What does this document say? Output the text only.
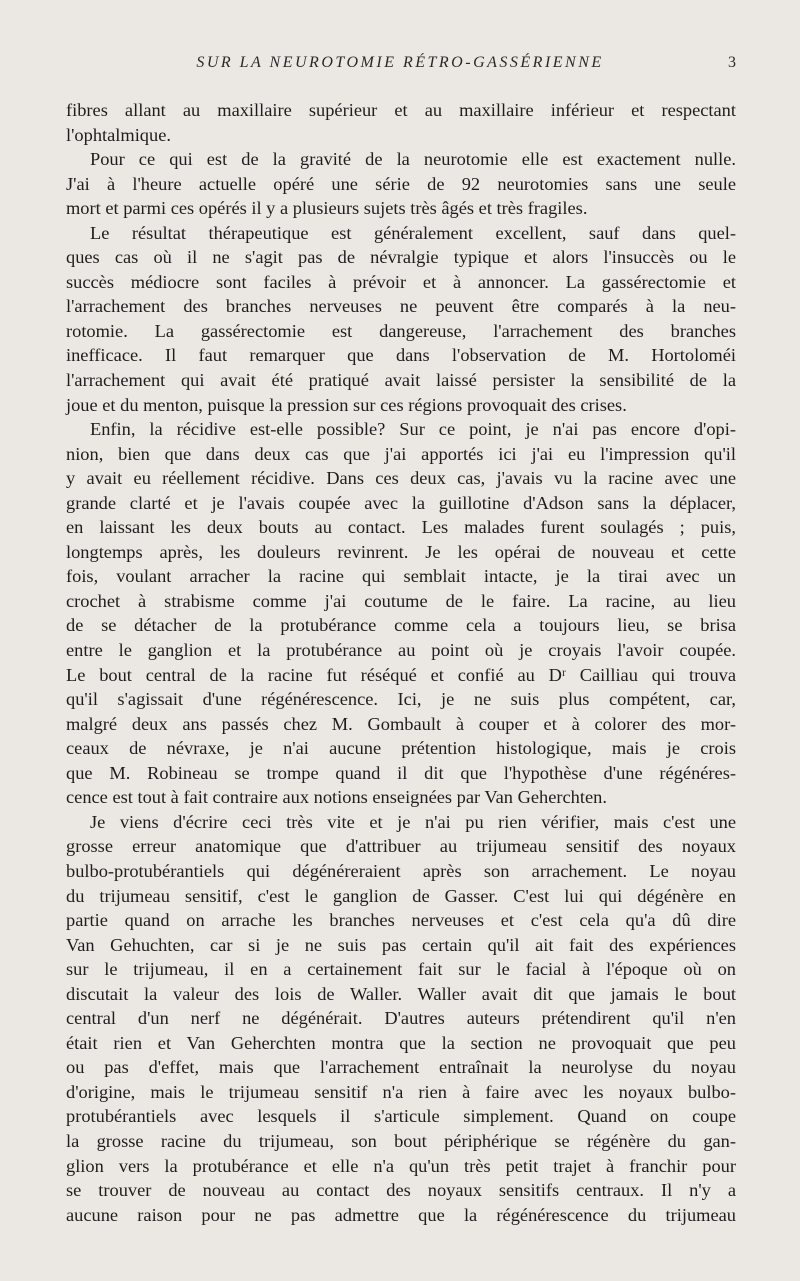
SUR LA NEUROTOMIE RÉTRO-GASSÉRIENNE	3
fibres allant au maxillaire supérieur et au maxillaire inférieur et respectant
l'ophtalmique.
Pour ce qui est de la gravité de la neurotomie elle est exactement nulle.
J'ai à l'heure actuelle opéré une série de 92 neurotomies sans une seule
mort et parmi ces opérés il y a plusieurs sujets très âgés et très fragiles.
Le résultat thérapeutique est généralement excellent, sauf dans quel-
ques cas où il ne s'agit pas de névralgie typique et alors l'insuccès ou le
succès médiocre sont faciles à prévoir et à annoncer. La gassérectomie et
l'arrachement des branches nerveuses ne peuvent être comparés à la neu-
rotomie. La gassérectomie est dangereuse, l'arrachement des branches
inefficace. Il faut remarquer que dans l'observation de M. Hortoloméi
l'arrachement qui avait été pratiqué avait laissé persister la sensibilité de la
joue et du menton, puisque la pression sur ces régions provoquait des crises.
Enfin, la récidive est-elle possible? Sur ce point, je n'ai pas encore d'opi-
nion, bien que dans deux cas que j'ai apportés ici j'ai eu l'impression qu'il
y avait eu réellement récidive. Dans ces deux cas, j'avais vu la racine avec une
grande clarté et je l'avais coupée avec la guillotine d'Adson sans la déplacer,
en laissant les deux bouts au contact. Les malades furent soulagés ; puis,
longtemps après, les douleurs revinrent. Je les opérai de nouveau et cette
fois, voulant arracher la racine qui semblait intacte, je la tirai avec un
crochet à strabisme comme j'ai coutume de le faire. La racine, au lieu
de se détacher de la protubérance comme cela a toujours lieu, se brisa
entre le ganglion et la protubérance au point où je croyais l'avoir coupée.
Le bout central de la racine fut réséqué et confié au Dʳ Cailliau qui trouva
qu'il s'agissait d'une régénérescence. Ici, je ne suis plus compétent, car,
malgré deux ans passés chez M. Gombault à couper et à colorer des mor-
ceaux de névraxe, je n'ai aucune prétention histologique, mais je crois
que M. Robineau se trompe quand il dit que l'hypothèse d'une régénéres-
cence est tout à fait contraire aux notions enseignées par Van Geherchten.
Je viens d'écrire ceci très vite et je n'ai pu rien vérifier, mais c'est une
grosse erreur anatomique que d'attribuer au trijumeau sensitif des noyaux
bulbo-protubérantiels qui dégénéreraient après son arrachement. Le noyau
du trijumeau sensitif, c'est le ganglion de Gasser. C'est lui qui dégénère en
partie quand on arrache les branches nerveuses et c'est cela qu'a dû dire
Van Gehuchten, car si je ne suis pas certain qu'il ait fait des expériences
sur le trijumeau, il en a certainement fait sur le facial à l'époque où on
discutait la valeur des lois de Waller. Waller avait dit que jamais le bout
central d'un nerf ne dégénérait. D'autres auteurs prétendirent qu'il n'en
était rien et Van Geherchten montra que la section ne provoquait que peu
ou pas d'effet, mais que l'arrachement entraînait la neurolyse du noyau
d'origine, mais le trijumeau sensitif n'a rien à faire avec les noyaux bulbo-
protubérantiels avec lesquels il s'articule simplement. Quand on coupe
la grosse racine du trijumeau, son bout périphérique se régénère du gan-
glion vers la protubérance et elle n'a qu'un très petit trajet à franchir pour
se trouver de nouveau au contact des noyaux sensitifs centraux. Il n'y a
aucune raison pour ne pas admettre que la régénérescence du trijumeau
